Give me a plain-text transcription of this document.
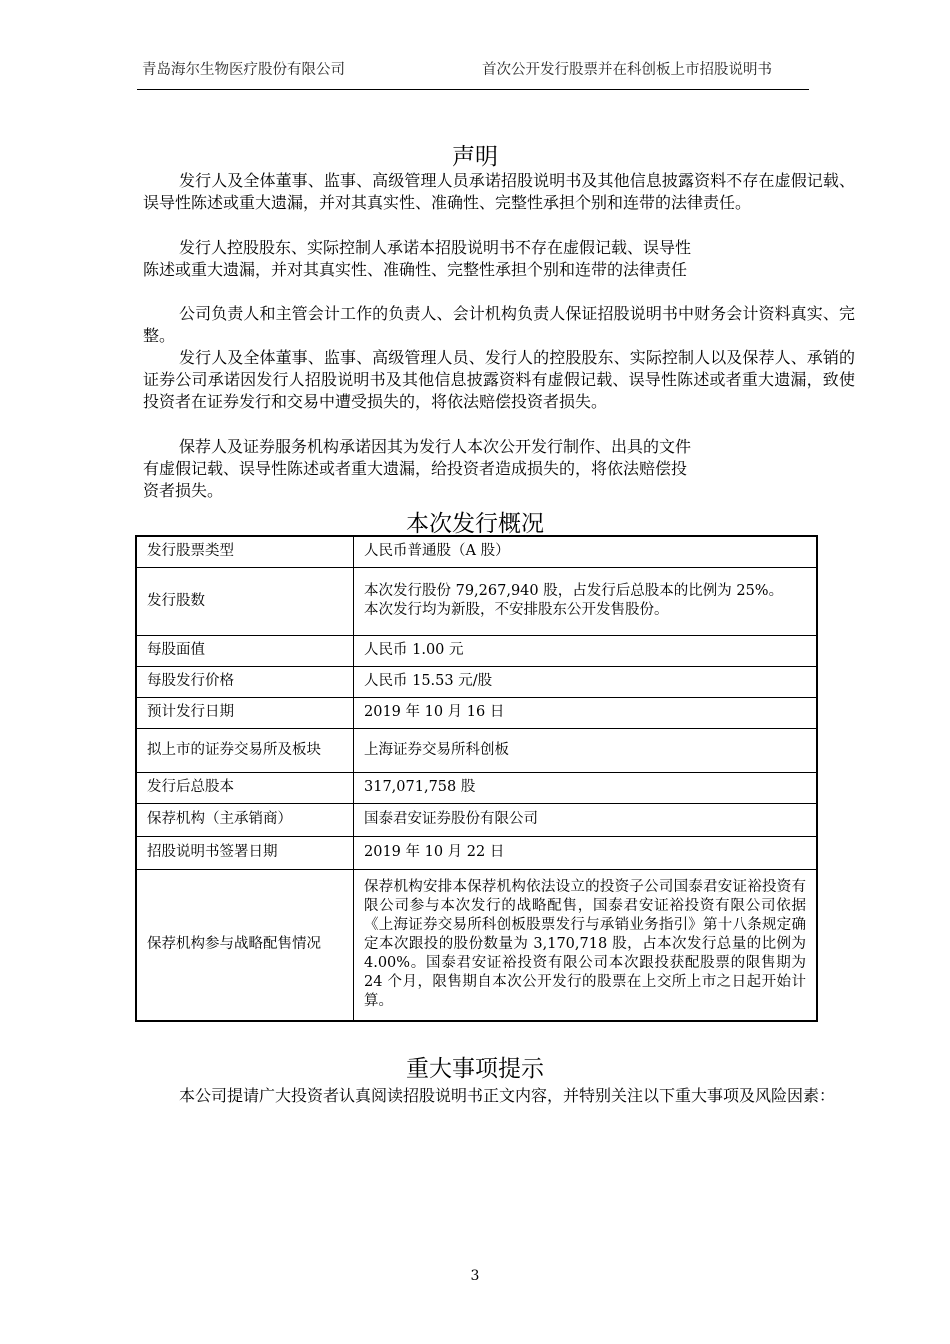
青岛海尔生物医疗股份有限公司	首次公开发行股票并在科创板上市招股说明书
声明

发行人及全体董事、监事、高级管理人员承诺招股说明书及其他信息披露资料不存在虚假记载、误导性陈述或重大遗漏，并对其真实性、准确性、完整性承担个别和连带的法律责任。

发行人控股股东、实际控制人承诺本招股说明书不存在虚假记载、误导性
陈述或重大遗漏，并对其真实性、准确性、完整性承担个别和连带的法律责任

公司负责人和主管会计工作的负责人、会计机构负责人保证招股说明书中财务会计资料真实、完整。

发行人及全体董事、监事、高级管理人员、发行人的控股股东、实际控制人以及保荐人、承销的证券公司承诺因发行人招股说明书及其他信息披露资料有虚假记载、误导性陈述或者重大遗漏，致使投资者在证券发行和交易中遭受损失的，将依法赔偿投资者损失。

保荐人及证券服务机构承诺因其为发行人本次公开发行制作、出具的文件
有虚假记载、误导性陈述或者重大遗漏，给投资者造成损失的，将依法赔偿投
资者损失。

本次发行概况
发行股票类型	人民币普通股（A 股）
发行股数	本次发行股份 79,267,940 股，占发行后总股本的比例为 25%。
本次发行均为新股，不安排股东公开发售股份。

每股面值	人民币 1.00 元
每股发行价格	人民币 15.53 元/股
预计发行日期	2019 年 10 月 16 日
拟上市的证券交易所及板块	上海证券交易所科创板
发行后总股本	317,071,758 股
保荐机构（主承销商）	国泰君安证券股份有限公司
招股说明书签署日期	2019 年 10 月 22 日
保荐机构参与战略配售情况	保荐机构安排本保荐机构依法设立的投资子公司国泰君安证裕投资有限公司参与本次发行的战略配售，国泰君安证裕投资有限公司依据《上海证券交易所科创板股票发行与承销业务指引》第十八条规定确定本次跟投的股份数量为 3,170,718 股，占本次发行总量的比例为 4.00%。国泰君安证裕投资有限公司本次跟投获配股票的限售期为 24 个月，限售期自本次公开发行的股票在上交所上市之日起开始计算。
重大事项提示

本公司提请广大投资者认真阅读招股说明书正文内容，并特别关注以下重大事项及风险因素：

3
